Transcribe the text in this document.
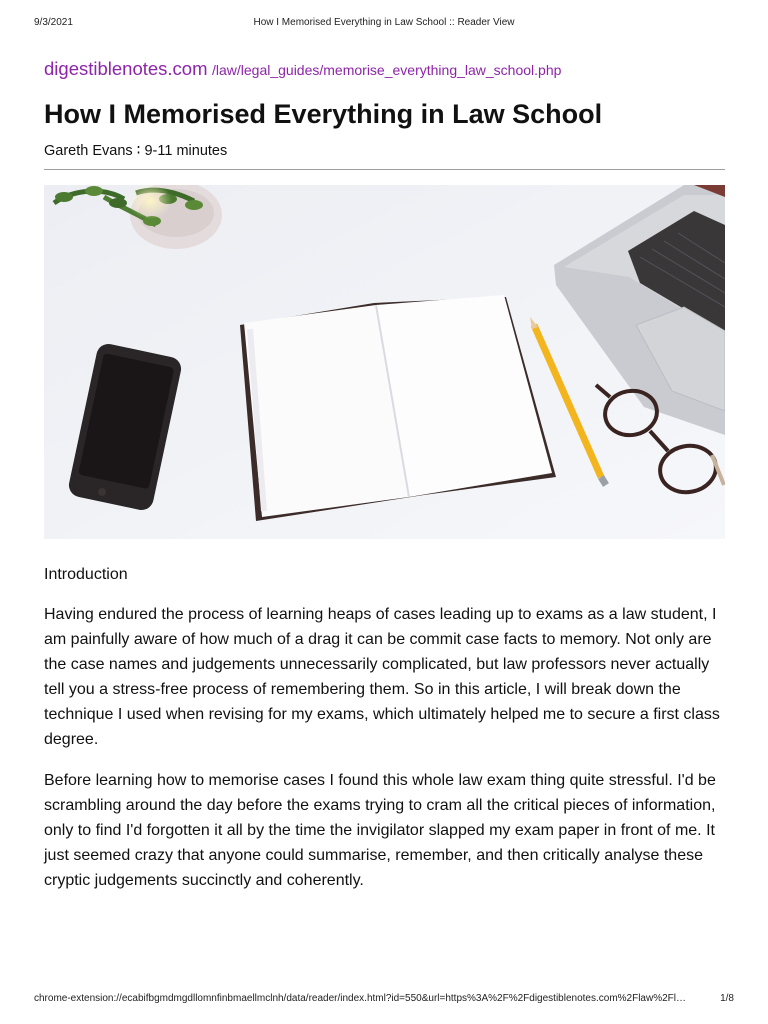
9/3/2021	How I Memorised Everything in Law School :: Reader View
digestiblenotes.com /law/legal_guides/memorise_everything_law_school.php
How I Memorised Everything in Law School
Gareth Evans ∶ 9-11 minutes
Introduction

Having endured the process of learning heaps of cases leading up to exams as a law student, I am painfully aware of how much of a drag it can be commit case facts to memory. Not only are the case names and judgements unnecessarily complicated, but law professors never actually tell you a stress-free process of remembering them. So in this article, I will break down the technique I used when revising for my exams, which ultimately helped me to secure a first class degree.

Before learning how to memorise cases I found this whole law exam thing quite stressful. I'd be scrambling around the day before the exams trying to cram all the critical pieces of information, only to find I'd forgotten it all by the time the invigilator slapped my exam paper in front of me. It just seemed crazy that anyone could summarise, remember, and then critically analyse these cryptic judgements succinctly and coherently.

chrome-extension://ecabifbgmdmgdllomnfinbmaellmclnh/data/reader/index.html?id=550&url=https%3A%2F%2Fdigestiblenotes.com%2Flaw%2Fl…	1/8
